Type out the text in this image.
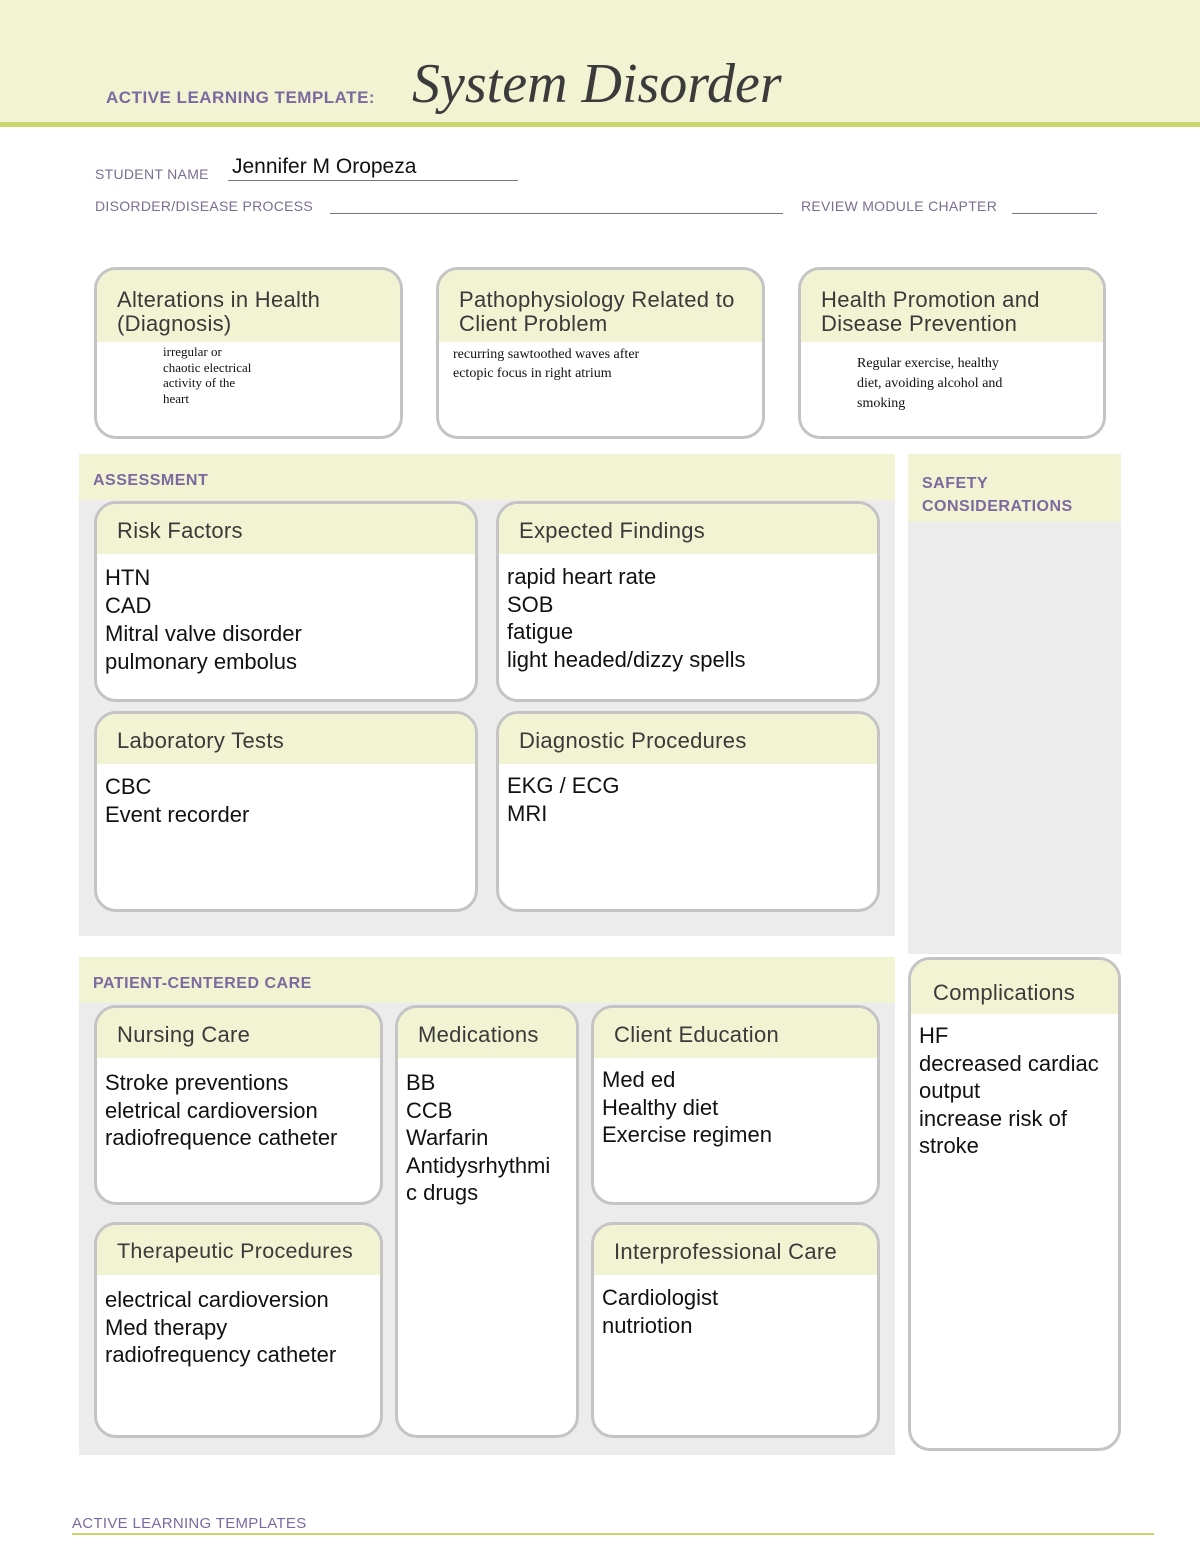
ACTIVE LEARNING TEMPLATE: System Disorder
STUDENT NAME Jennifer M Oropeza
DISORDER/DISEASE PROCESS	REVIEW MODULE CHAPTER
Alterations in Health (Diagnosis)
irregular or
chaotic electrical
activity of the
heart
Pathophysiology Related to Client Problem
recurring sawtoothed waves after
ectopic focus in right atrium
Health Promotion and Disease Prevention
Regular exercise, healthy
diet, avoiding alcohol and
smoking
ASSESSMENT
Risk Factors
HTN
CAD
Mitral valve disorder
pulmonary embolus
Expected Findings
rapid heart rate
SOB
fatigue
light headed/dizzy spells
Laboratory Tests
CBC
Event recorder
Diagnostic Procedures
EKG / ECG
MRI
SAFETY
CONSIDERATIONS
PATIENT-CENTERED CARE
Nursing Care
Stroke preventions
eletrical cardioversion
radiofrequence catheter
Medications
BB
CCB
Warfarin
Antidysrhythmi
c drugs
Client Education
Med ed
Healthy diet
Exercise regimen
Therapeutic Procedures
electrical cardioversion
Med therapy
radiofrequency catheter
Interprofessional Care
Cardiologist
nutriotion
Complications
HF
decreased cardiac
output
increase risk of
stroke
ACTIVE LEARNING TEMPLATES
